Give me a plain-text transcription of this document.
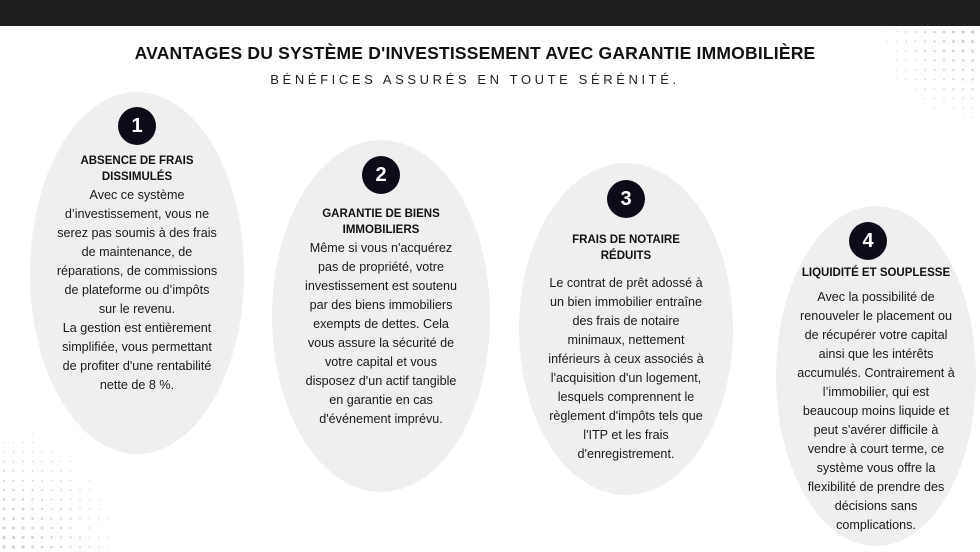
AVANTAGES DU SYSTÈME D'INVESTISSEMENT AVEC GARANTIE IMMOBILIÈRE
BÉNÉFICES ASSURÉS EN TOUTE SÉRÉNITÉ.
1
ABSENCE DE FRAIS
DISSIMULÉS
Avec ce système
d’investissement, vous ne
serez pas soumis à des frais
de maintenance, de
réparations, de commissions
de plateforme ou d’impôts
sur le revenu.
La gestion est entièrement
simplifiée, vous permettant
de profiter d'une rentabilité
nette de 8 %.
2
GARANTIE DE BIENS
IMMOBILIERS
Même si vous n'acquérez
pas de propriété, votre
investissement est soutenu
par des biens immobiliers
exempts de dettes. Cela
vous assure la sécurité de
votre capital et vous
disposez d'un actif tangible
en garantie en cas
d'événement imprévu.
3
FRAIS DE NOTAIRE
RÉDUITS
Le contrat de prêt adossé à
un bien immobilier entraîne
des frais de notaire
minimaux, nettement
inférieurs à ceux associés à
l'acquisition d'un logement,
lesquels comprennent le
règlement d'impôts tels que
l'ITP et les frais
d'enregistrement.
4
LIQUIDITÉ ET SOUPLESSE
Avec la possibilité de
renouveler le placement ou
de récupérer votre capital
ainsi que les intérêts
accumulés. Contrairement à
l’immobilier, qui est
beaucoup moins liquide et
peut s'avérer difficile à
vendre à court terme, ce
système vous offre la
flexibilité de prendre des
décisions sans
complications.
